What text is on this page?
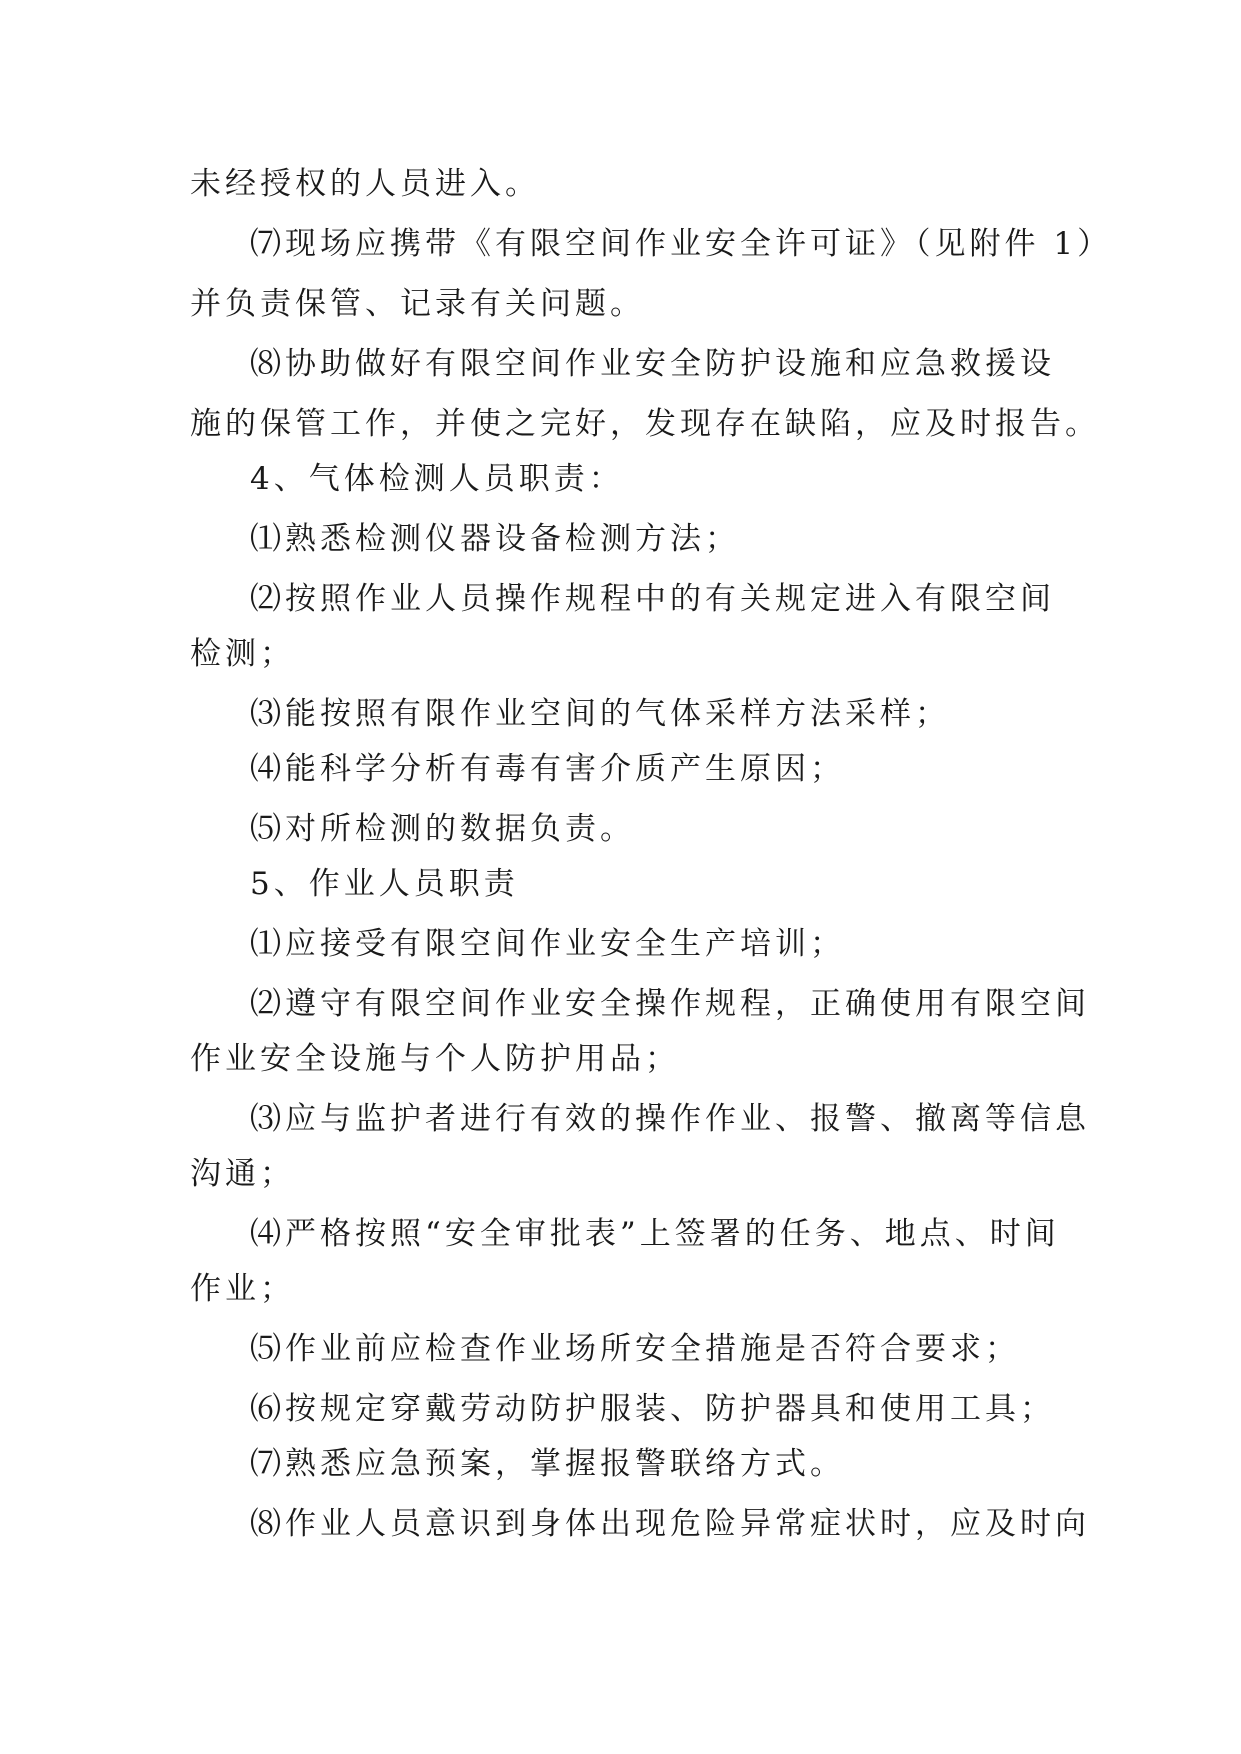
未经授权的人员进入。

⑺现场应携带《有限空间作业安全许可证》（见附件 1）

并负责保管、记录有关问题。

⑻协助做好有限空间作业安全防护设施和应急救援设

施的保管工作，并使之完好，发现存在缺陷，应及时报告。

4、气体检测人员职责：

⑴熟悉检测仪器设备检测方法；

⑵按照作业人员操作规程中的有关规定进入有限空间

检测；

⑶能按照有限作业空间的气体采样方法采样；

⑷能科学分析有毒有害介质产生原因；

⑸对所检测的数据负责。

5、作业人员职责

⑴应接受有限空间作业安全生产培训；

⑵遵守有限空间作业安全操作规程，正确使用有限空间

作业安全设施与个人防护用品；

⑶应与监护者进行有效的操作作业、报警、撤离等信息

沟通；

⑷严格按照“安全审批表”上签署的任务、地点、时间

作业；

⑸作业前应检查作业场所安全措施是否符合要求；

⑹按规定穿戴劳动防护服装、防护器具和使用工具；

⑺熟悉应急预案，掌握报警联络方式。

⑻作业人员意识到身体出现危险异常症状时，应及时向
